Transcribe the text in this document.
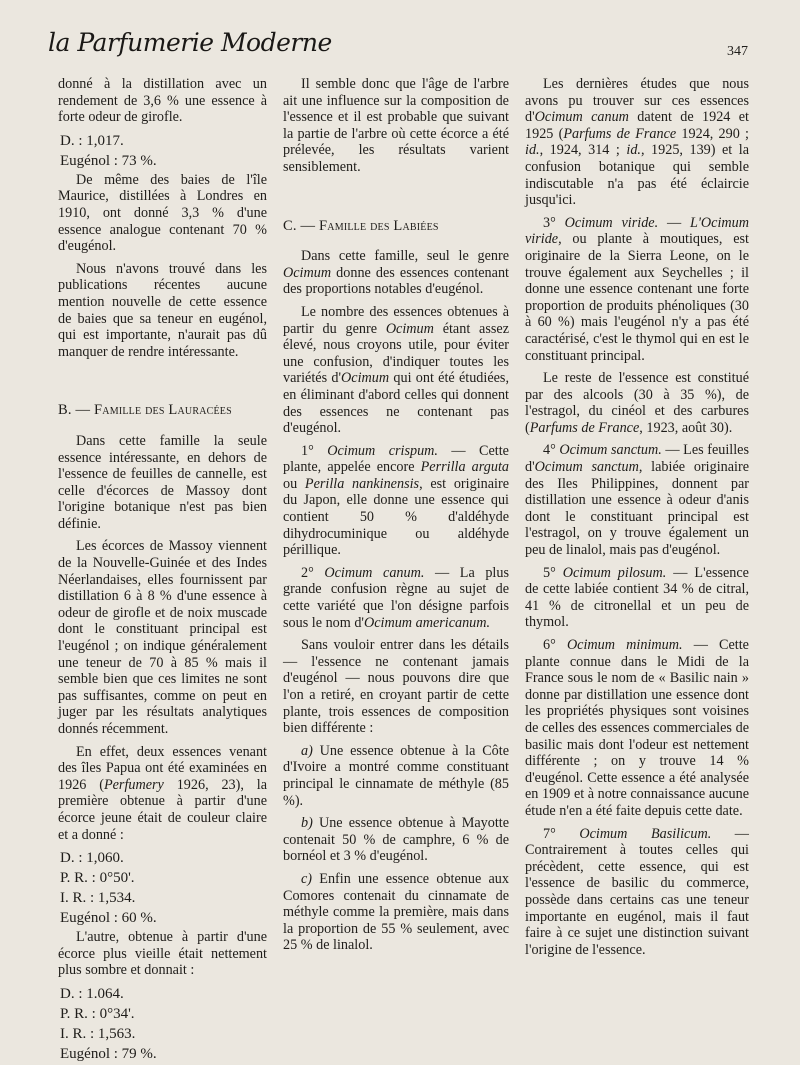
la Parfumerie Moderne	347

donné à la distillation avec un rendement de 3,6 % une essence à forte odeur de girofle.

D. : 1,017.

Eugénol : 73 %.

De même des baies de l'île Maurice, distillées à Londres en 1910, ont donné 3,3 % d'une essence analogue contenant 70 % d'eugénol.

Nous n'avons trouvé dans les publications récentes aucune mention nouvelle de cette essence de baies que sa teneur en eugénol, qui est importante, n'aurait pas dû manquer de rendre intéressante.

B. — Famille des Lauracées

Dans cette famille la seule essence intéressante, en dehors de l'essence de feuilles de cannelle, est celle d'écorces de Massoy dont l'origine botanique n'est pas bien définie.

Les écorces de Massoy viennent de la Nouvelle-Guinée et des Indes Néerlandaises, elles fournissent par distillation 6 à 8 % d'une essence à odeur de girofle et de noix muscade dont le constituant principal est l'eugénol ; on indique généralement une teneur de 70 à 85 % mais il semble bien que ces limites ne sont pas suffisantes, comme on peut en juger par les résultats analytiques donnés récemment.

En effet, deux essences venant des îles Papua ont été examinées en 1926 (Perfumery 1926, 23), la première obtenue à partir d'une écorce jeune était de couleur claire et a donné :

D. : 1,060.

P. R. : 0°50'.

I. R. : 1,534.

Eugénol : 60 %.

L'autre, obtenue à partir d'une écorce plus vieille était nettement plus sombre et donnait :

D. : 1.064.

P. R. : 0°34'.

I. R. : 1,563.

Eugénol : 79 %.

Il semble donc que l'âge de l'arbre ait une influence sur la composition de l'essence et il est probable que suivant la partie de l'arbre où cette écorce a été prélevée, les résultats varient sensiblement.

C. — Famille des Labiées

Dans cette famille, seul le genre Ocimum donne des essences contenant des proportions notables d'eugénol.

Le nombre des essences obtenues à partir du genre Ocimum étant assez élevé, nous croyons utile, pour éviter une confusion, d'indiquer toutes les variétés d'Ocimum qui ont été étudiées, en éliminant d'abord celles qui donnent des essences ne contenant pas d'eugénol.

1° Ocimum crispum. — Cette plante, appelée encore Perrilla arguta ou Perilla nankinensis, est originaire du Japon, elle donne une essence qui contient 50 % d'aldéhyde dihydrocuminique ou aldéhyde périllique.

2° Ocimum canum. — La plus grande confusion règne au sujet de cette variété que l'on désigne parfois sous le nom d'Ocimum americanum.

Sans vouloir entrer dans les détails — l'essence ne contenant jamais d'eugénol — nous pouvons dire que l'on a retiré, en croyant partir de cette plante, trois essences de composition bien différente :

a) Une essence obtenue à la Côte d'Ivoire a montré comme constituant principal le cinnamate de méthyle (85 %).

b) Une essence obtenue à Mayotte contenait 50 % de camphre, 6 % de bornéol et 3 % d'eugénol.

c) Enfin une essence obtenue aux Comores contenait du cinnamate de méthyle comme la première, mais dans la proportion de 55 % seulement, avec 25 % de linalol.

Les dernières études que nous avons pu trouver sur ces essences d'Ocimum canum datent de 1924 et 1925 (Parfums de France 1924, 290 ; id., 1924, 314 ; id., 1925, 139) et la confusion botanique qui semble indiscutable n'a pas été éclaircie jusqu'ici.

3° Ocimum viride. — L'Ocimum viride, ou plante à moutiques, est originaire de la Sierra Leone, on le trouve également aux Seychelles ; il donne une essence contenant une forte proportion de produits phénoliques (30 à 60 %) mais l'eugénol n'y a pas été caractérisé, c'est le thymol qui en est le constituant principal.

Le reste de l'essence est constitué par des alcools (30 à 35 %), de l'estragol, du cinéol et des carbures (Parfums de France, 1923, août 30).

4° Ocimum sanctum. — Les feuilles d'Ocimum sanctum, labiée originaire des Iles Philippines, donnent par distillation une essence à odeur d'anis dont le constituant principal est l'estragol, on y trouve également un peu de linalol, mais pas d'eugénol.

5° Ocimum pilosum. — L'essence de cette labiée contient 34 % de citral, 41 % de citronellal et un peu de thymol.

6° Ocimum minimum. — Cette plante connue dans le Midi de la France sous le nom de « Basilic nain » donne par distillation une essence dont les propriétés physiques sont voisines de celles des essences commerciales de basilic mais dont l'odeur est nettement différente ; on y trouve 14 % d'eugénol. Cette essence a été analysée en 1909 et à notre connaissance aucune étude n'en a été faite depuis cette date.

7° Ocimum Basilicum. — Contrairement à toutes celles qui précèdent, cette essence, qui est l'essence de basilic du commerce, possède dans certains cas une teneur importante en eugénol, mais il faut faire à ce sujet une distinction suivant l'origine de l'essence.
